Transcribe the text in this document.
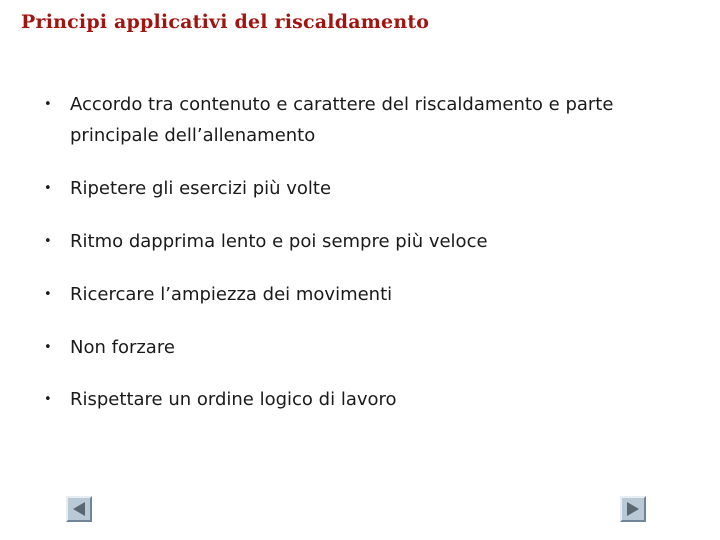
Principi applicativi del riscaldamento
• Accordo tra contenuto e carattere del riscaldamento e parte principale dell’allenamento
• Ripetere gli esercizi più volte
• Ritmo dapprima lento e poi sempre più veloce
• Ricercare l’ampiezza dei movimenti
• Non forzare
• Rispettare un ordine logico di lavoro
